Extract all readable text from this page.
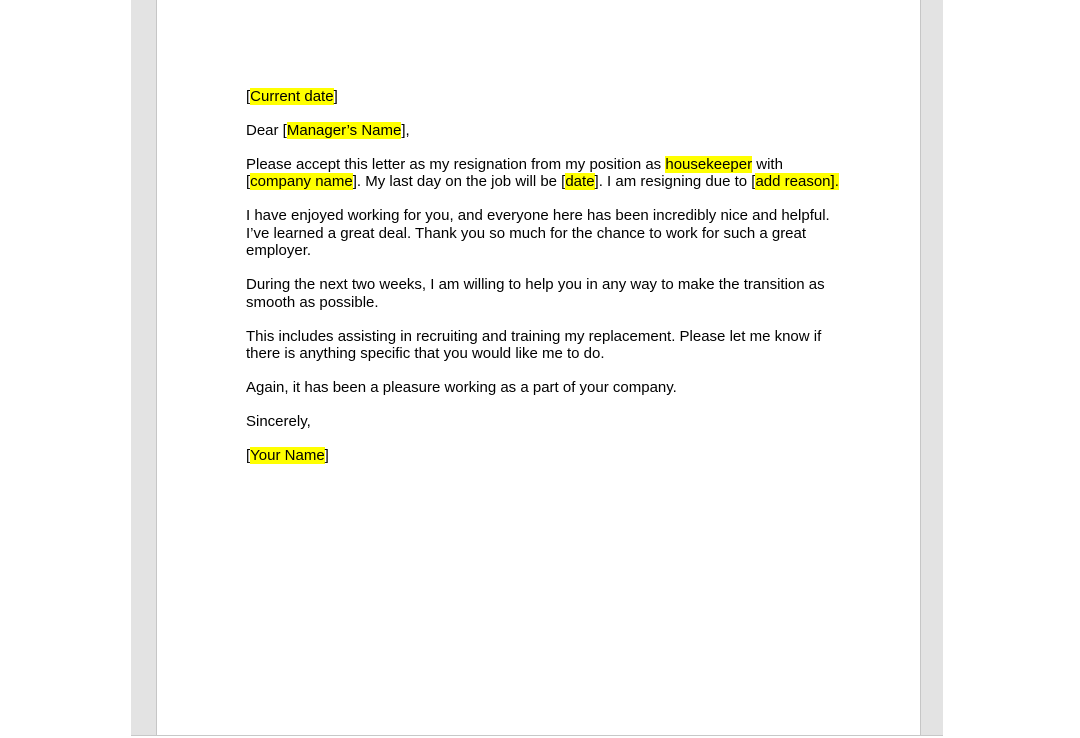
[Current date]

Dear [Manager’s Name],

Please accept this letter as my resignation from my position as housekeeper with [company name]. My last day on the job will be [date]. I am resigning due to [add reason].

I have enjoyed working for you, and everyone here has been incredibly nice and helpful. I’ve learned a great deal. Thank you so much for the chance to work for such a great employer.

During the next two weeks, I am willing to help you in any way to make the transition as smooth as possible.

This includes assisting in recruiting and training my replacement. Please let me know if there is anything specific that you would like me to do.

Again, it has been a pleasure working as a part of your company.

Sincerely,

[Your Name]
